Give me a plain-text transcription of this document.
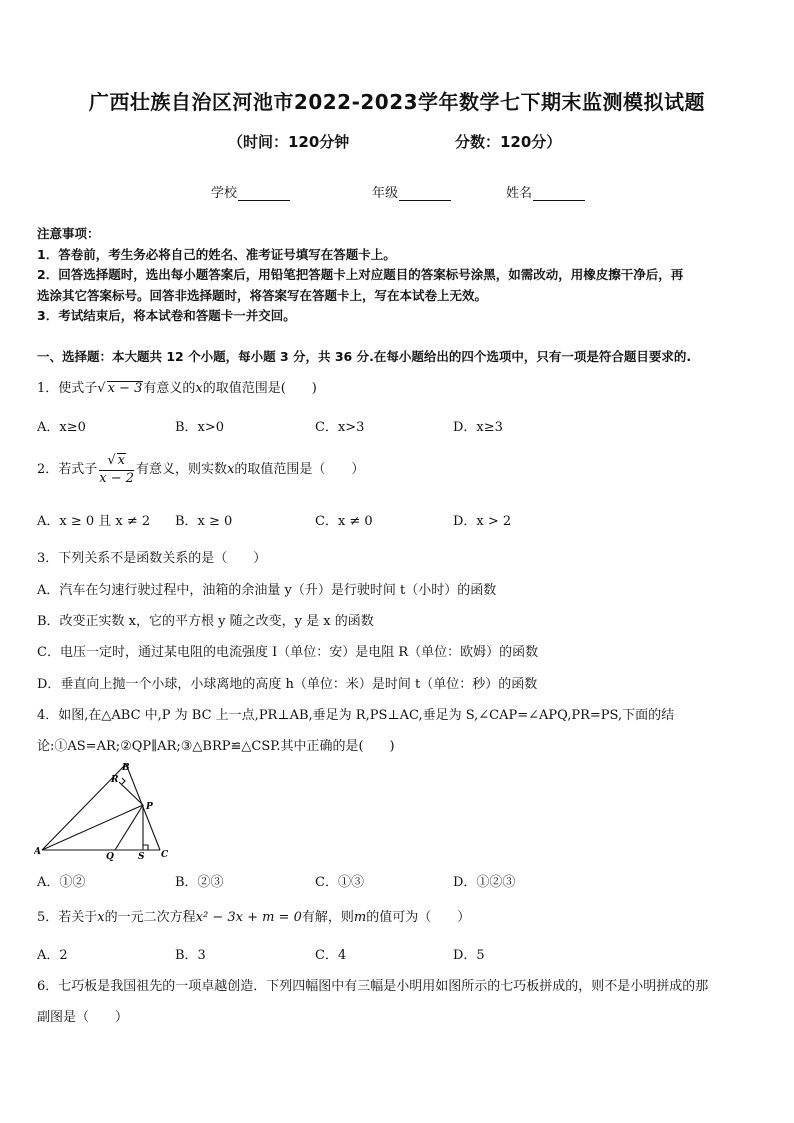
广西壮族自治区河池市2022-2023学年数学七下期末监测模拟试题
（时间：120分钟	分数：120分）
学校	年级	姓名

注意事项：

1．答卷前，考生务必将自己的姓名、准考证号填写在答题卡上。

2．回答选择题时，选出每小题答案后，用铅笔把答题卡上对应题目的答案标号涂黑，如需改动，用橡皮擦干净后，再

选涂其它答案标号。回答非选择题时，将答案写在答题卡上，写在本试卷上无效。

3．考试结束后，将本试卷和答题卡一并交回。

一、选择题：本大题共 12 个小题，每小题 3 分，共 36 分.在每小题给出的四个选项中，只有一项是符合题目要求的.
1．使式子√ x − 3有意义的x的取值范围是(　　)
A．x≥0	B．x>0	C．x>3	D．x≥3
2．若式子 $\frac{√ x}{x - 2}$ 有意义，则实数x的取值范围是（　　）
A．x ≥ 0 且 x ≠ 2 B．x ≥ 0	C．x ≠ 0	D．x > 2
3．下列关系不是函数关系的是（　　）
A．汽车在匀速行驶过程中，油箱的余油量 y（升）是行驶时间 t（小时）的函数
B．改变正实数 x，它的平方根 y 随之改变，y 是 x 的函数
C．电压一定时，通过某电阻的电流强度 I（单位：安）是电阻 R（单位：欧姆）的函数
D．垂直向上抛一个小球，小球离地的高度 h（单位：米）是时间 t（单位：秒）的函数
4．如图,在△ABC 中,P 为 BC 上一点,PR⊥AB,垂足为 R,PS⊥AC,垂足为 S,∠CAP=∠APQ,PR=PS,下面的结
论:①AS=AR;②QP∥AR;③△BRP≌△CSP.其中正确的是(　　)
B
R
P
A	Q	S C
A．①②	B．②③	C．①③	D．①②③
5．若关于x的一元二次方程x² − 3x + m = 0有解，则m的值可为（　　）
A．2	B．3	C．4	D．5
6．七巧板是我国祖先的一项卓越创造．下列四幅图中有三幅是小明用如图所示的七巧板拼成的，则不是小明拼成的那
副图是（　　）
